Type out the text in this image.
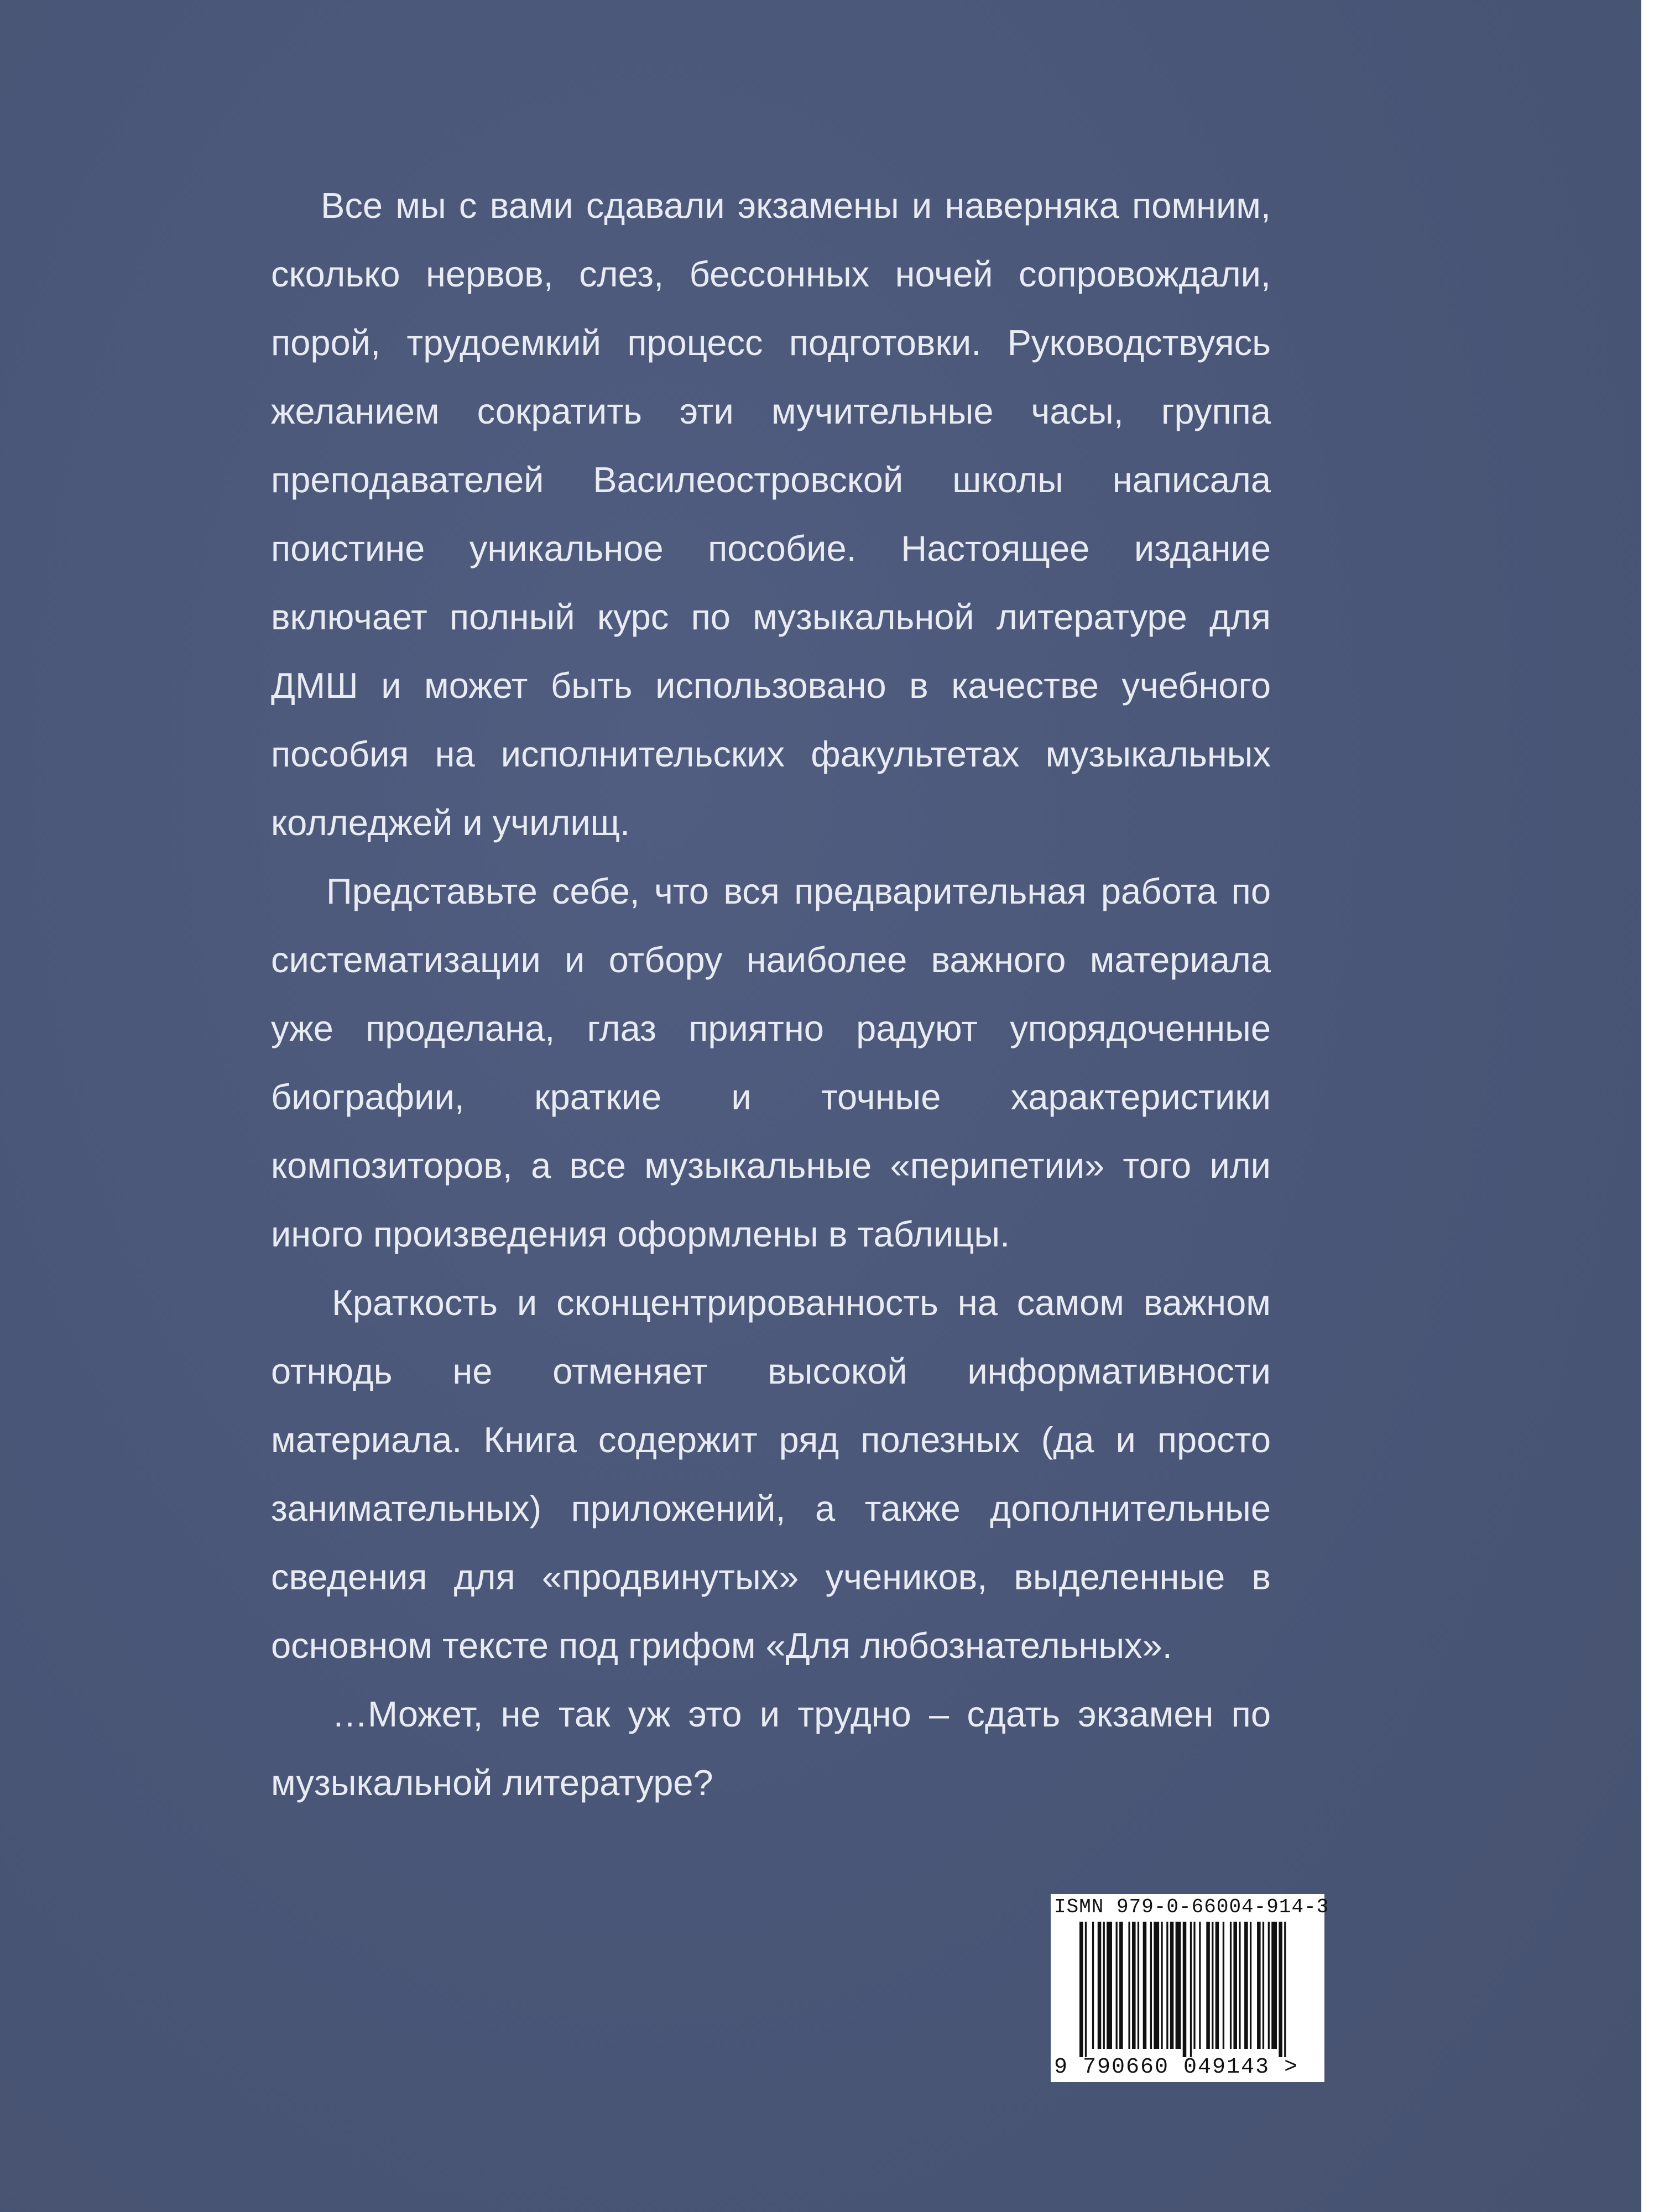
Все мы с вами сдавали экзамены и наверняка помним, сколько нервов, слез, бессонных ночей сопровождали, порой, трудоемкий процесс подготовки. Руководствуясь желанием сократить эти мучительные часы, группа преподавателей Василеостровской школы написала поистине уникальное пособие. Настоящее издание включает полный курс по музыкальной литературе для ДМШ и может быть использовано в качестве учебного пособия на исполнительских факультетах музыкальных колледжей и училищ.

Представьте себе, что вся предварительная работа по систематизации и отбору наиболее важного материала уже проделана, глаз приятно радуют упорядоченные биографии, краткие и точные характеристики композиторов, а все музыкальные «перипетии» того или иного произведения оформлены в таблицы.

Краткость и сконцентрированность на самом важном отнюдь не отменяет высокой информативности материала. Книга содержит ряд полезных (да и просто занимательных) приложений, а также дополнительные сведения для «продвинутых» учеников, выделенные в основном тексте под грифом «Для любознательных».

…Может, не так уж это и трудно – сдать экзамен по музыкальной литературе?

ISMN 979-0-66004-914-3
9 790660 049143 >
